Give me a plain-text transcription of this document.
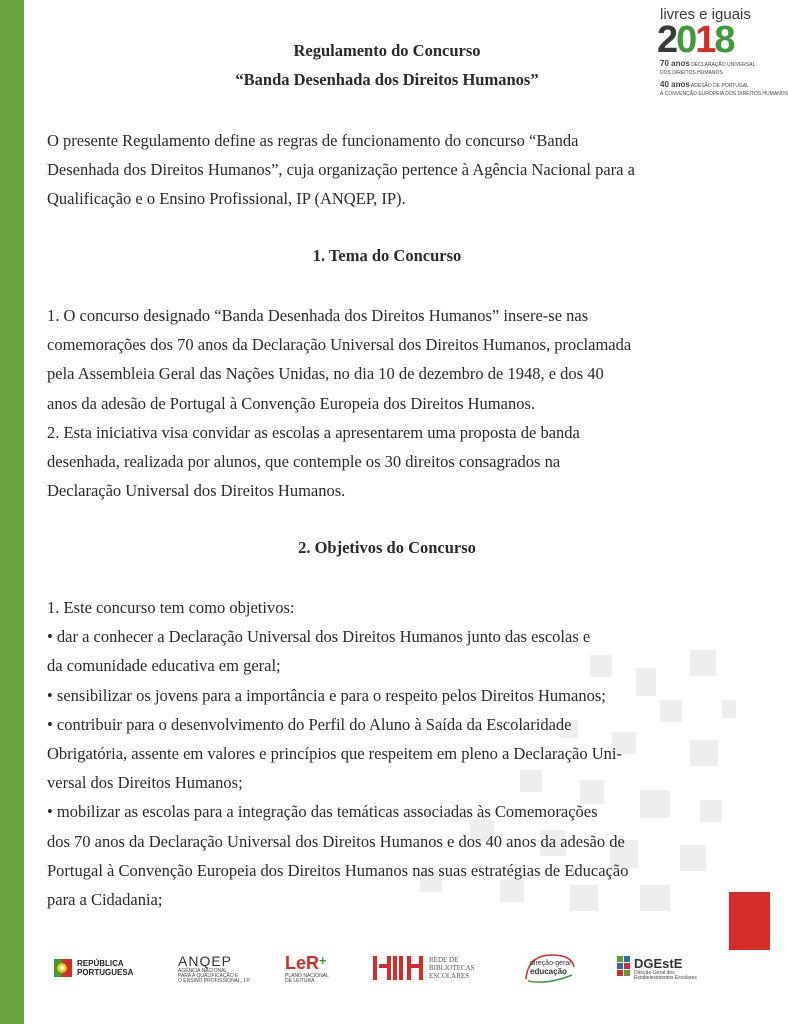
livres e iguais
2018
70 anos DECLARAÇÃO UNIVERSAL
DOS DIREITOS HUMANOS
40 anos ADESÃO DE PORTUGAL
À CONVENÇÃO EUROPEIA DOS DIREITOS HUMANOS
Regulamento do Concurso
“Banda Desenhada dos Direitos Humanos”

O presente Regulamento define as regras de funcionamento do concurso “Banda

Desenhada dos Direitos Humanos”, cuja organização pertence à Agência Nacional para a

Qualificação e o Ensino Profissional, IP (ANQEP, IP).

1. Tema do Concurso

1. O concurso designado “Banda Desenhada dos Direitos Humanos” insere-se nas

comemorações dos 70 anos da Declaração Universal dos Direitos Humanos, proclamada

pela Assembleia Geral das Nações Unidas, no dia 10 de dezembro de 1948, e dos 40

anos da adesão de Portugal à Convenção Europeia dos Direitos Humanos.

2. Esta iniciativa visa convidar as escolas a apresentarem uma proposta de banda

desenhada, realizada por alunos, que contemple os 30 direitos consagrados na

Declaração Universal dos Direitos Humanos.

2. Objetivos do Concurso

1. Este concurso tem como objetivos:

• dar a conhecer a Declaração Universal dos Direitos Humanos junto das escolas e

da comunidade educativa em geral;

• sensibilizar os jovens para a importância e para o respeito pelos Direitos Humanos;

• contribuir para o desenvolvimento do Perfil do Aluno à Saída da Escolaridade

Obrigatória, assente em valores e princípios que respeitem em pleno a Declaração Uni-

versal dos Direitos Humanos;

• mobilizar as escolas para a integração das temáticas associadas às Comemorações

dos 70 anos da Declaração Universal dos Direitos Humanos e dos 40 anos da adesão de

Portugal à Convenção Europeia dos Direitos Humanos nas suas estratégias de Educação

para a Cidadania;

REPÚBLICA
PORTUGUESA
ANQEP
AGÊNCIA NACIONAL
PARA A QUALIFICAÇÃO E
O ENSINO PROFISSIONAL, I.P.
LeR+
PLANO NACIONAL
DE LEITURA
REDE DE
BIBLIOTECAS
ESCOLARES
direção-geral
educação
DGEstE
Direção-Geral dos
Estabelecimentos Escolares
